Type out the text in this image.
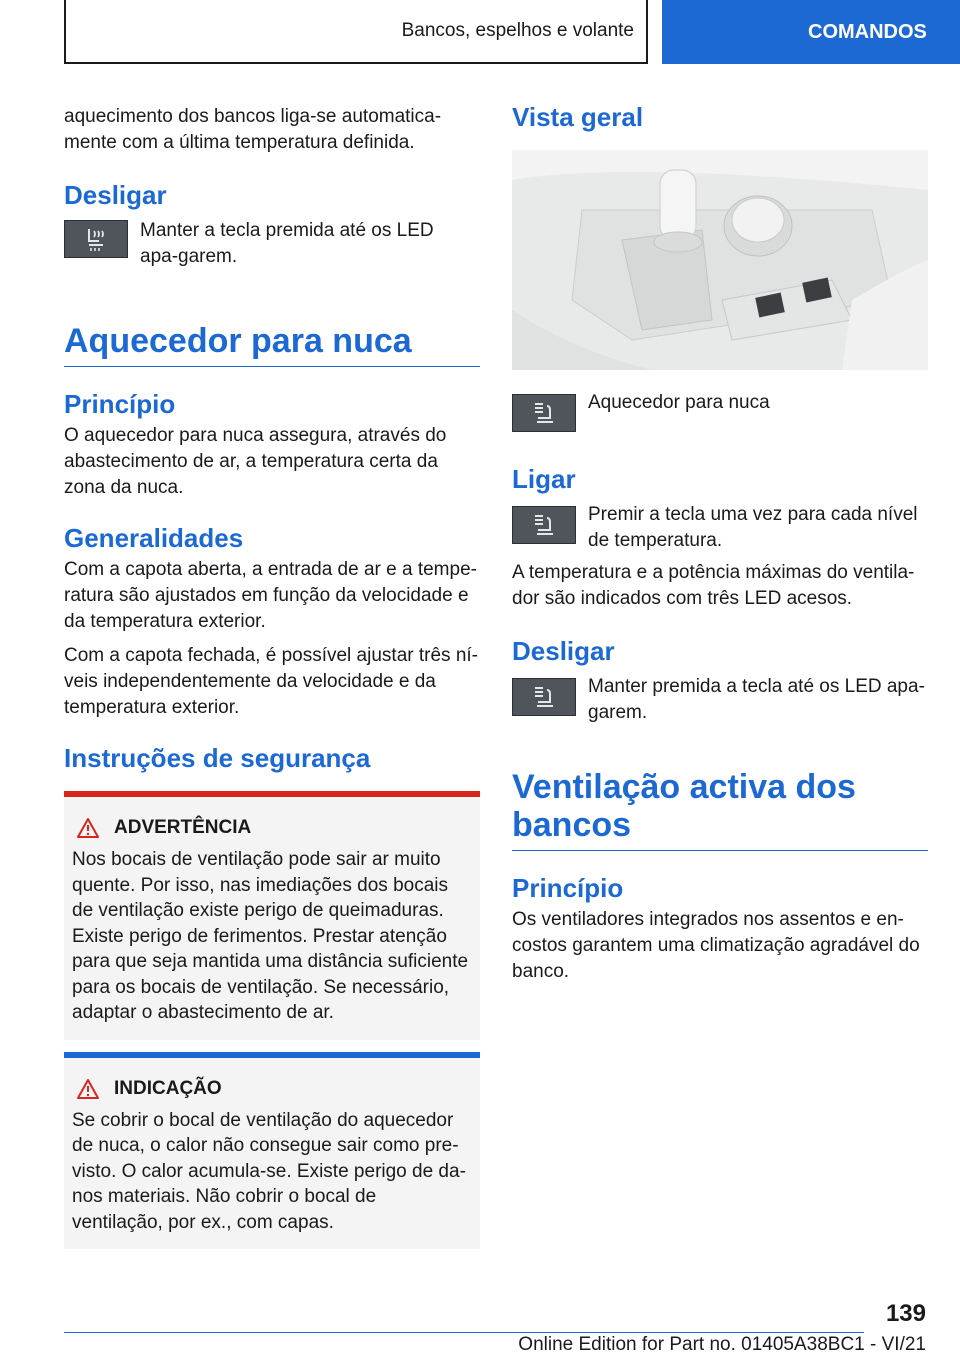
Bancos, espelhos e volante	COMANDOS

aquecimento dos bancos liga-se automatica-mente com a última temperatura definida.

Desligar

Manter a tecla premida até os LED apa-garem.

Aquecedor para nuca
Princípio

O aquecedor para nuca assegura, através do abastecimento de ar, a temperatura certa da zona da nuca.

Generalidades

Com a capota aberta, a entrada de ar e a tempe-ratura são ajustados em função da velocidade e da temperatura exterior.

Com a capota fechada, é possível ajustar três ní-veis independentemente da velocidade e da temperatura exterior.

Instruções de segurança
ADVERTÊNCIA

Nos bocais de ventilação pode sair ar muito quente. Por isso, nas imediações dos bocais de ventilação existe perigo de queimaduras. Existe perigo de ferimentos. Prestar atenção para que seja mantida uma distância suficiente para os bocais de ventilação. Se necessário, adaptar o abastecimento de ar.

INDICAÇÃO

Se cobrir o bocal de ventilação do aquecedor de nuca, o calor não consegue sair como pre-visto. O calor acumula-se. Existe perigo de da-nos materiais. Não cobrir o bocal de ventilação, por ex., com capas.

Vista geral

Aquecedor para nuca

Ligar

Premir a tecla uma vez para cada nível de temperatura.

A temperatura e a potência máximas do ventila-dor são indicados com três LED acesos.

Desligar

Manter premida a tecla até os LED apa-garem.

Ventilação activa dos bancos
Princípio

Os ventiladores integrados nos assentos e en-costos garantem uma climatização agradável do banco.

139
Online Edition for Part no. 01405A38BC1 - VI/21
